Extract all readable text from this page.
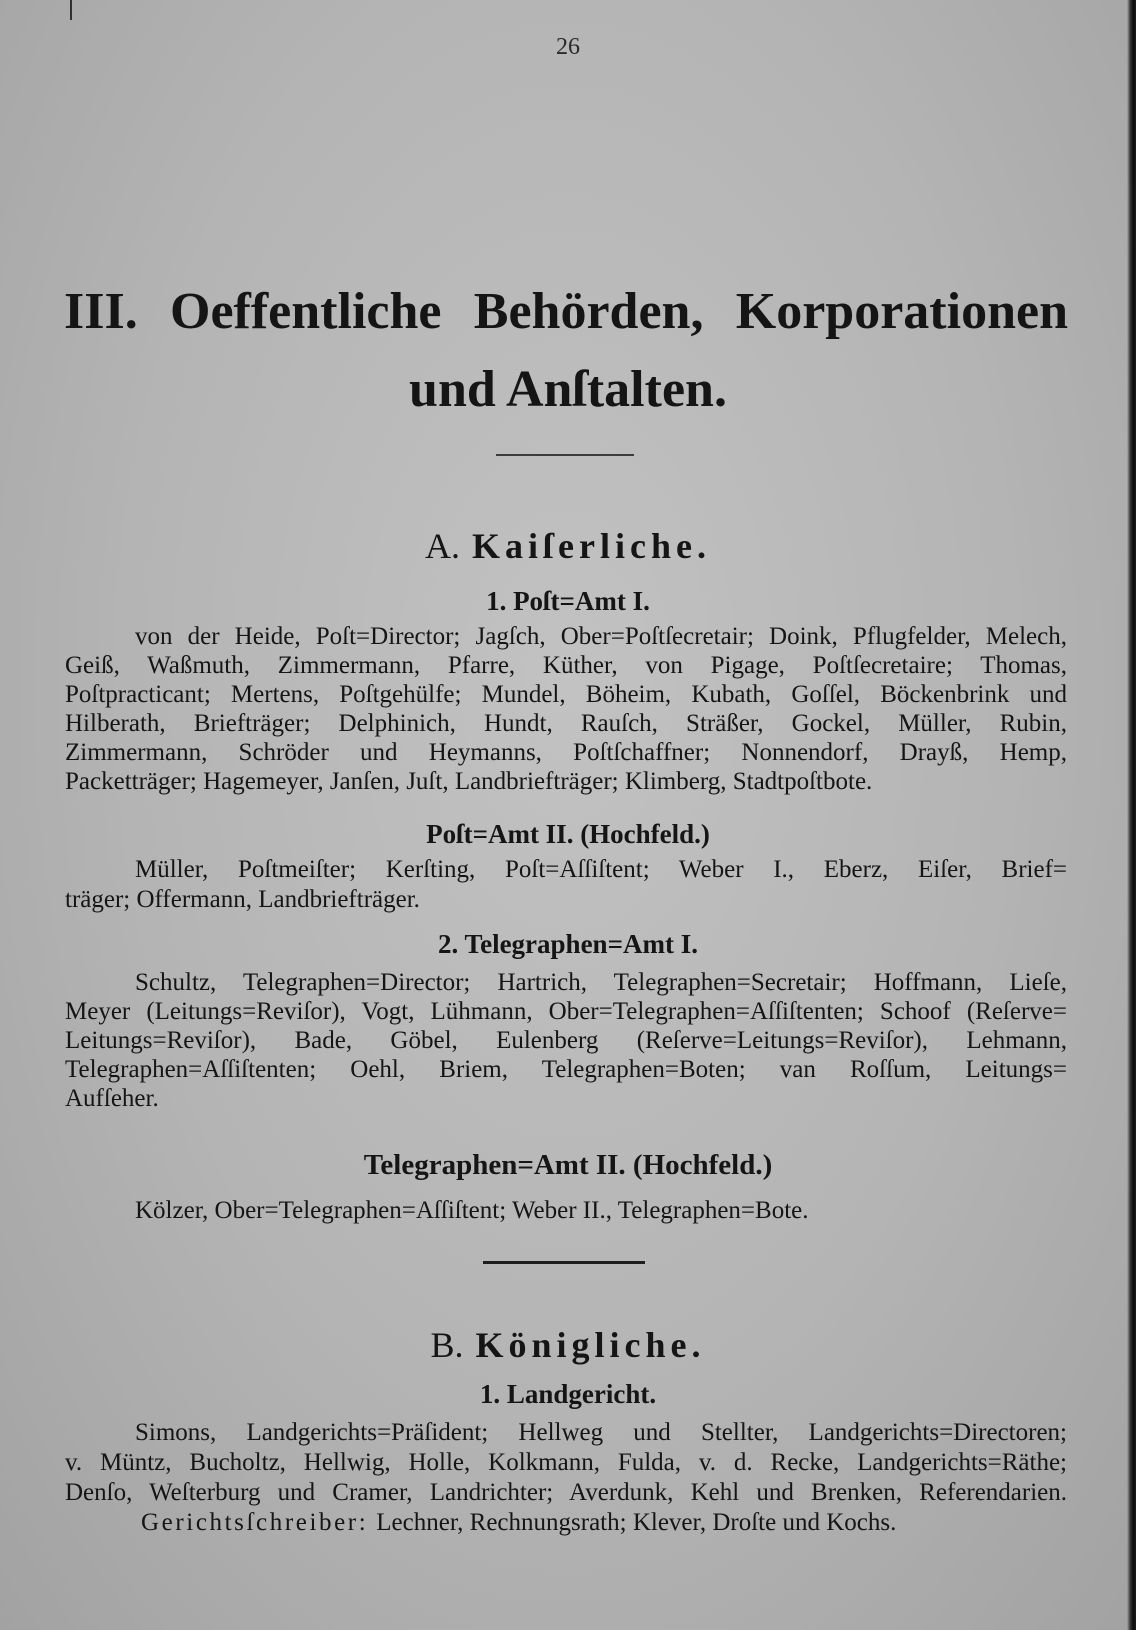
26
III. Oeffentliche Behörden, Korporationen
und Anſtalten.
A. Kaiſerliche.
1. Poſt=Amt I.
von der Heide, Poſt=Director; Jagſch, Ober=Poſtſecretair; Doink, Pflugfelder, Melech,
Geiß, Waßmuth, Zimmermann, Pfarre, Küther, von Pigage, Poſtſecretaire; Thomas,
Poſtpracticant; Mertens, Poſtgehülfe; Mundel, Böheim, Kubath, Goſſel, Böckenbrink und
Hilberath, Briefträger; Delphinich, Hundt, Rauſch, Sträßer, Gockel, Müller, Rubin,
Zimmermann, Schröder und Heymanns, Poſtſchaffner; Nonnendorf, Drayß, Hemp,
Packetträger; Hagemeyer, Janſen, Juſt, Landbriefträger; Klimberg, Stadtpoſtbote.
Poſt=Amt II. (Hochfeld.)
Müller, Poſtmeiſter; Kerſting, Poſt=Aſſiſtent; Weber I., Eberz, Eiſer, Brief=
träger; Offermann, Landbriefträger.
2. Telegraphen=Amt I.
Schultz, Telegraphen=Director; Hartrich, Telegraphen=Secretair; Hoffmann, Lieſe,
Meyer (Leitungs=Reviſor), Vogt, Lühmann, Ober=Telegraphen=Aſſiſtenten; Schoof (Reſerve=
Leitungs=Reviſor), Bade, Göbel, Eulenberg (Reſerve=Leitungs=Reviſor), Lehmann,
Telegraphen=Aſſiſtenten; Oehl, Briem, Telegraphen=Boten; van Roſſum, Leitungs=
Aufſeher.
Telegraphen=Amt II. (Hochfeld.)
Kölzer, Ober=Telegraphen=Aſſiſtent; Weber II., Telegraphen=Bote.
B. Königliche.
1. Landgericht.
Simons, Landgerichts=Präſident; Hellweg und Stellter, Landgerichts=Directoren;
v. Müntz, Bucholtz, Hellwig, Holle, Kolkmann, Fulda, v. d. Recke, Landgerichts=Räthe;
Denſo, Weſterburg und Cramer, Landrichter; Averdunk, Kehl und Brenken, Referendarien.
Gerichtsſchreiber: Lechner, Rechnungsrath; Klever, Droſte und Kochs.
